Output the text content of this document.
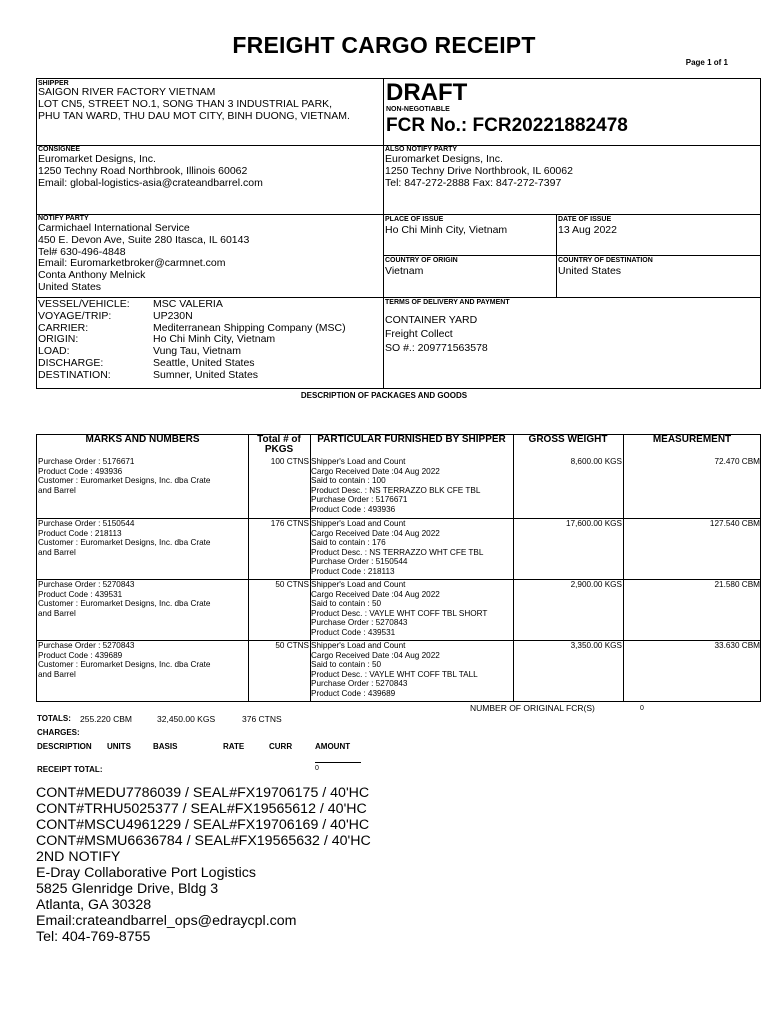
FREIGHT CARGO RECEIPT
Page 1 of 1
SHIPPER
SAIGON RIVER FACTORY VIETNAM
LOT CN5, STREET NO.1, SONG THAN 3 INDUSTRIAL PARK,
PHU TAN WARD, THU DAU MOT CITY, BINH DUONG, VIETNAM.
DRAFT
NON-NEGOTIABLE
FCR No.: FCR20221882478
CONSIGNEE
Euromarket Designs, Inc.
1250 Techny Road Northbrook, Illinois 60062
Email: global-logistics-asia@crateandbarrel.com
ALSO NOTIFY PARTY
Euromarket Designs, Inc.
1250 Techny Drive Northbrook, IL 60062
Tel: 847-272-2888 Fax: 847-272-7397
NOTIFY PARTY
Carmichael International Service
450 E. Devon Ave, Suite 280 Itasca, IL 60143
Tel# 630-496-4848
Email: Euromarketbroker@carmnet.com
Conta Anthony Melnick
United States
PLACE OF ISSUE
Ho Chi Minh City, Vietnam
DATE OF ISSUE
13 Aug 2022
COUNTRY OF ORIGIN
Vietnam
COUNTRY OF DESTINATION
United States
VESSEL/VEHICLE:	MSC VALERIA
VOYAGE/TRIP:	UP230N
CARRIER:	Mediterranean Shipping Company (MSC)
ORIGIN:	Ho Chi Minh City, Vietnam
LOAD:	Vung Tau, Vietnam
DISCHARGE:	Seattle, United States
DESTINATION:	Sumner, United States
TERMS OF DELIVERY AND PAYMENT
CONTAINER YARD
Freight Collect
SO #.: 209771563578
DESCRIPTION OF PACKAGES AND GOODS
MARKS AND NUMBERS	Total # of
PKGS
PARTICULAR FURNISHED BY SHIPPER	GROSS WEIGHT	MEASUREMENT
Purchase Order : 5176671
Product Code : 493936
Customer : Euromarket Designs, Inc. dba Crate
and Barrel
100 CTNS Shipper's Load and Count
Cargo Received Date :04 Aug 2022
Said to contain : 100
Product Desc. : NS TERRAZZO BLK CFE TBL
Purchase Order : 5176671
Product Code : 493936
8,600.00 KGS	72.470 CBM
Purchase Order : 5150544
Product Code : 218113
Customer : Euromarket Designs, Inc. dba Crate
and Barrel
176 CTNS Shipper's Load and Count
Cargo Received Date :04 Aug 2022
Said to contain : 176
Product Desc. : NS TERRAZZO WHT CFE TBL
Purchase Order : 5150544
Product Code : 218113
17,600.00 KGS	127.540 CBM
Purchase Order : 5270843
Product Code : 439531
Customer : Euromarket Designs, Inc. dba Crate
and Barrel
50 CTNS Shipper's Load and Count
Cargo Received Date :04 Aug 2022
Said to contain : 50
Product Desc. : VAYLE WHT COFF TBL SHORT
Purchase Order : 5270843
Product Code : 439531
2,900.00 KGS	21.580 CBM
Purchase Order : 5270843
Product Code : 439689
Customer : Euromarket Designs, Inc. dba Crate
and Barrel
50 CTNS Shipper's Load and Count
Cargo Received Date :04 Aug 2022
Said to contain : 50
Product Desc. : VAYLE WHT COFF TBL TALL
Purchase Order : 5270843
Product Code : 439689
3,350.00 KGS	33.630 CBM
NUMBER OF ORIGINAL FCR(S)	0
TOTALS: 255.220 CBM	32,450.00 KGS	376 CTNS
CHARGES:
DESCRIPTION UNITS	BASIS	RATE	CURR	AMOUNT
RECEIPT TOTAL:	0
CONT#MEDU7786039 / SEAL#FX19706175 / 40'HC
CONT#TRHU5025377 / SEAL#FX19565612 / 40'HC
CONT#MSCU4961229 / SEAL#FX19706169 / 40'HC
CONT#MSMU6636784 / SEAL#FX19565632 / 40'HC
2ND NOTIFY
E-Dray Collaborative Port Logistics
5825 Glenridge Drive, Bldg 3
Atlanta, GA 30328
Email:crateandbarrel_ops@edraycpl.com
Tel: 404-769-8755
